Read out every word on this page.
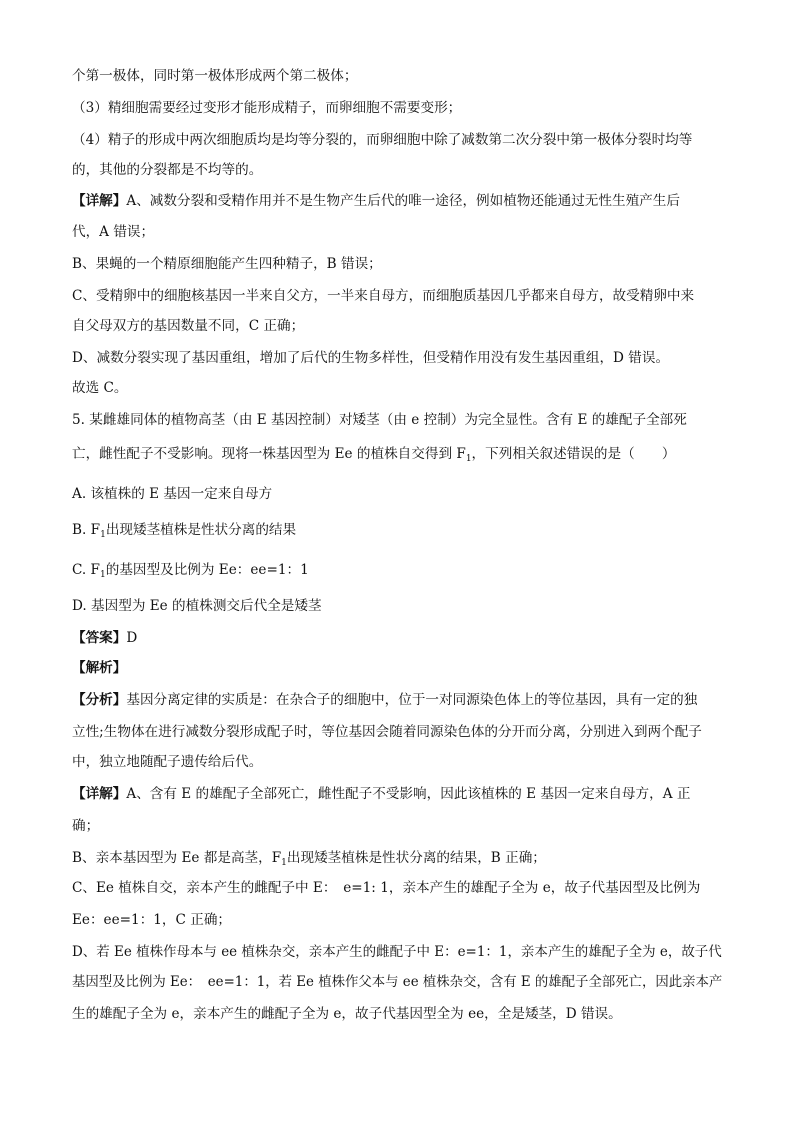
个第一极体，同时第一极体形成两个第二极体；
（3）精细胞需要经过变形才能形成精子，而卵细胞不需要变形；
（4）精子的形成中两次细胞质均是均等分裂的，而卵细胞中除了减数第二次分裂中第一极体分裂时均等
的，其他的分裂都是不均等的。
【详解】A、减数分裂和受精作用并不是生物产生后代的唯一途径，例如植物还能通过无性生殖产生后
代，A 错误；
B、果蝇的一个精原细胞能产生四种精子，B 错误；
C、受精卵中的细胞核基因一半来自父方，一半来自母方，而细胞质基因几乎都来自母方，故受精卵中来
自父母双方的基因数量不同，C 正确；
D、减数分裂实现了基因重组，增加了后代的生物多样性，但受精作用没有发生基因重组，D 错误。
故选 C。
5. 某雌雄同体的植物高茎（由 E 基因控制）对矮茎（由 e 控制）为完全显性。含有 E 的雄配子全部死
亡，雌性配子不受影响。现将一株基因型为 Ee 的植株自交得到 $F_1$，下列相关叙述错误的是（　　）
A. 该植株的 E 基因一定来自母方
B. $F_1$出现矮茎植株是性状分离的结果
C. $F_1$的基因型及比例为 Ee：ee=1：1
D. 基因型为 Ee 的植株测交后代全是矮茎
【答案】D
【解析】
【分析】基因分离定律的实质是：在杂合子的细胞中，位于一对同源染色体上的等位基因，具有一定的独
立性;生物体在进行减数分裂形成配子时，等位基因会随着同源染色体的分开而分离，分别进入到两个配子
中，独立地随配子遗传给后代。
【详解】A、含有 E 的雄配子全部死亡，雌性配子不受影响，因此该植株的 E 基因一定来自母方，A 正
确；
B、亲本基因型为 Ee 都是高茎，$F_1$出现矮茎植株是性状分离的结果，B 正确；
C、Ee 植株自交，亲本产生的雌配子中 E：　e=1: 1，亲本产生的雄配子全为 e，故子代基因型及比例为
Ee：ee=1：1，C 正确；
D、若 Ee 植株作母本与 ee 植株杂交，亲本产生的雌配子中 E：e=1：1，亲本产生的雄配子全为 e，故子代
基因型及比例为 Ee：　ee=1：1，若 Ee 植株作父本与 ee 植株杂交，含有 E 的雄配子全部死亡，因此亲本产
生的雄配子全为 e，亲本产生的雌配子全为 e，故子代基因型全为 ee，全是矮茎，D 错误。
